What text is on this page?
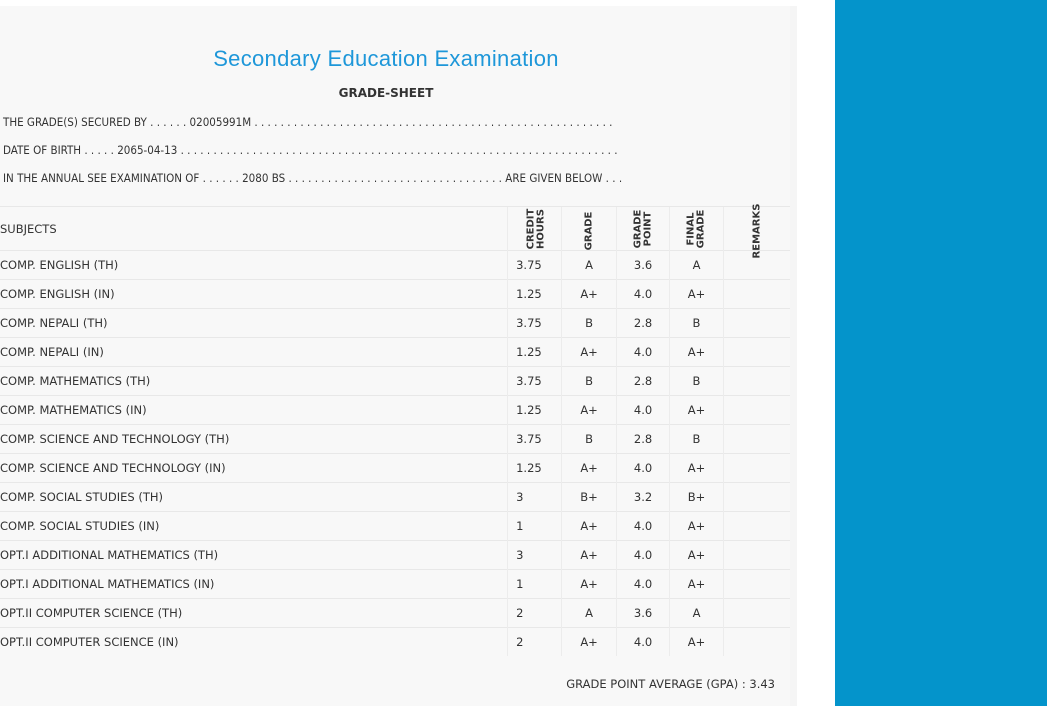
Secondary Education Examination
GRADE-SHEET
THE GRADE(S) SECURED BY . . . . . . 02005991M . . . . . . . . . . . . . . . . . . . . . . . . . . . . . . . . . . . . . . . . . . . . . . . . . . . . . . .
DATE OF BIRTH . . . . . 2065-04-13 . . . . . . . . . . . . . . . . . . . . . . . . . . . . . . . . . . . . . . . . . . . . . . . . . . . . . . . . . . . . . . . . . . .
IN THE ANNUAL SEE EXAMINATION OF . . . . . . 2080 BS . . . . . . . . . . . . . . . . . . . . . . . . . . . . . . . . . ARE GIVEN BELOW . . .
SUBJECTS	CREDIT HOURS	GRADE	GRADE POINT	FINAL GRADE	REMARKS

COMP. ENGLISH (TH)	3.75	A	3.6	A	
COMP. ENGLISH (IN)	1.25	A+	4.0	A+	
COMP. NEPALI (TH)	3.75	B	2.8	B	
COMP. NEPALI (IN)	1.25	A+	4.0	A+	
COMP. MATHEMATICS (TH)	3.75	B	2.8	B	
COMP. MATHEMATICS (IN)	1.25	A+	4.0	A+	
COMP. SCIENCE AND TECHNOLOGY (TH)	3.75	B	2.8	B	
COMP. SCIENCE AND TECHNOLOGY (IN)	1.25	A+	4.0	A+	
COMP. SOCIAL STUDIES (TH)	3	B+	3.2	B+	
COMP. SOCIAL STUDIES (IN)	1	A+	4.0	A+	
OPT.I ADDITIONAL MATHEMATICS (TH)	3	A+	4.0	A+	
OPT.I ADDITIONAL MATHEMATICS (IN)	1	A+	4.0	A+	
OPT.II COMPUTER SCIENCE (TH)	2	A	3.6	A	
OPT.II COMPUTER SCIENCE (IN)	2	A+	4.0	A+	
GRADE POINT AVERAGE (GPA) : 3.43
